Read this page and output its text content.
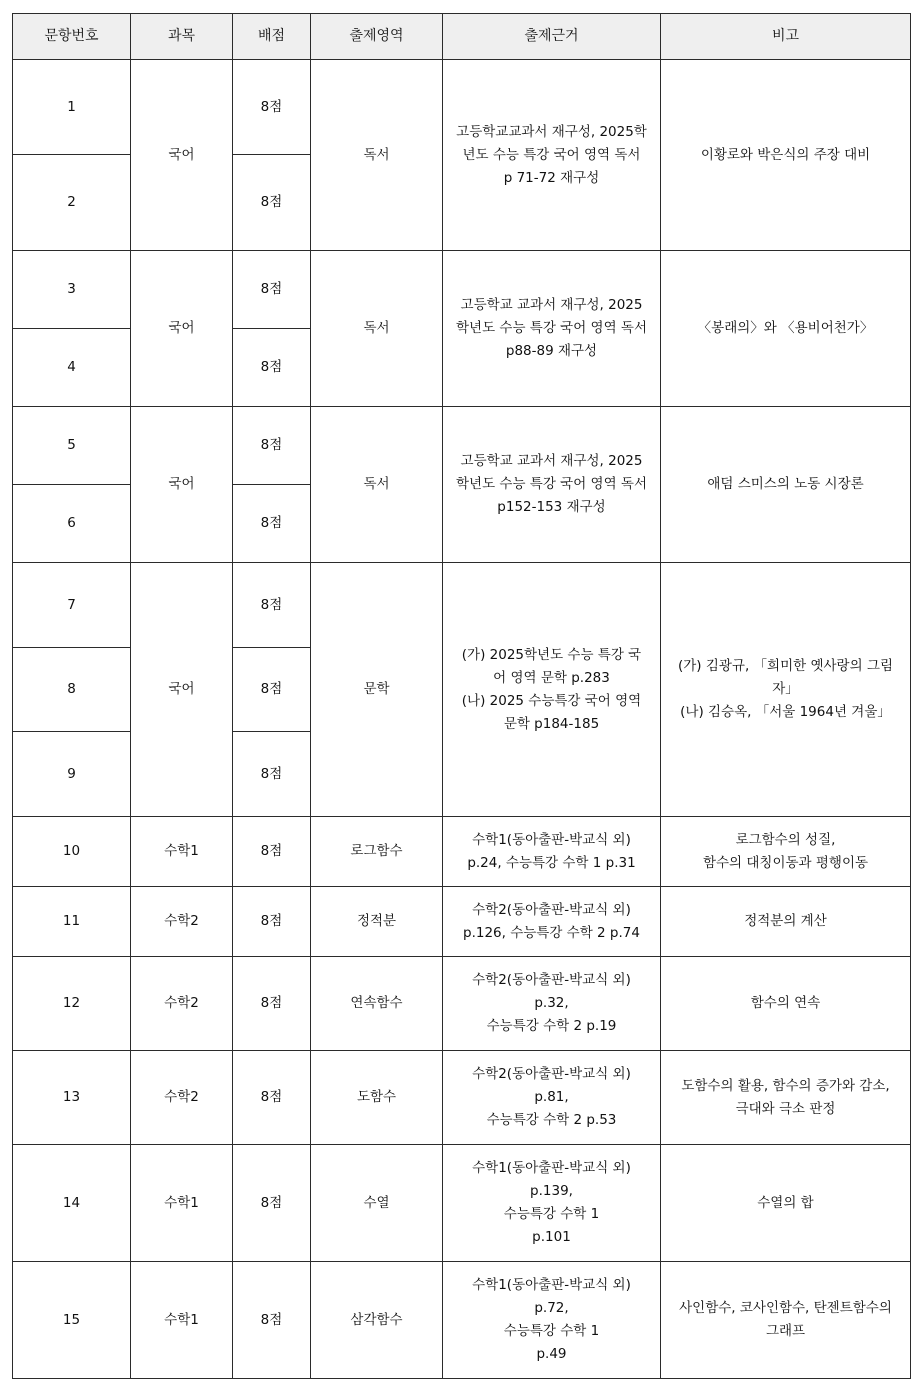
문항번호	과목	배점	출제영역	출제근거	비고
1	국어	8점	독서	고등학교교과서 재구성, 2025학
년도 수능 특강 국어 영역 독서
p 71-72 재구성	이황로와 박은식의 주장 대비

2		8점			
3	국어	8점	독서	고등학교 교과서 재구성, 2025
학년도 수능 특강 국어 영역 독서
p88-89 재구성	〈봉래의〉와 〈용비어천가〉

4		8점			
5	국어	8점	독서	고등학교 교과서 재구성, 2025
학년도 수능 특강 국어 영역 독서
p152-153 재구성	애덤 스미스의 노동 시장론

6		8점			
7	국어	8점	문학	(가) 2025학년도 수능 특강 국
어 영역 문학 p.283
(나) 2025 수능특강 국어 영역
문학 p184-185	(가) 김광규, 「희미한 옛사랑의 그림
자」
(나) 김승옥, 「서울 1964년 겨울」

8		8점			
9		8점			
10	수학1	8점	로그함수	수학1(동아출판-박교식 외)
p.24, 수능특강 수학 1 p.31	로그함수의 성질,
함수의 대칭이동과 평행이동

11	수학2	8점	정적분	수학2(동아출판-박교식 외)
p.126, 수능특강 수학 2 p.74	정적분의 계산

12	수학2	8점	연속함수	수학2(동아출판-박교식 외)
p.32,
수능특강 수학 2 p.19	함수의 연속

13	수학2	8점	도함수	수학2(동아출판-박교식 외)
p.81,
수능특강 수학 2 p.53	도함수의 활용, 함수의 증가와 감소,
극대와 극소 판정

14	수학1	8점	수열	수학1(동아출판-박교식 외)
p.139,
수능특강 수학 1
p.101	수열의 합

15	수학1	8점	삼각함수	수학1(동아출판-박교식 외)
p.72,
수능특강 수학 1
p.49	사인함수, 코사인함수, 탄젠트함수의
그래프
